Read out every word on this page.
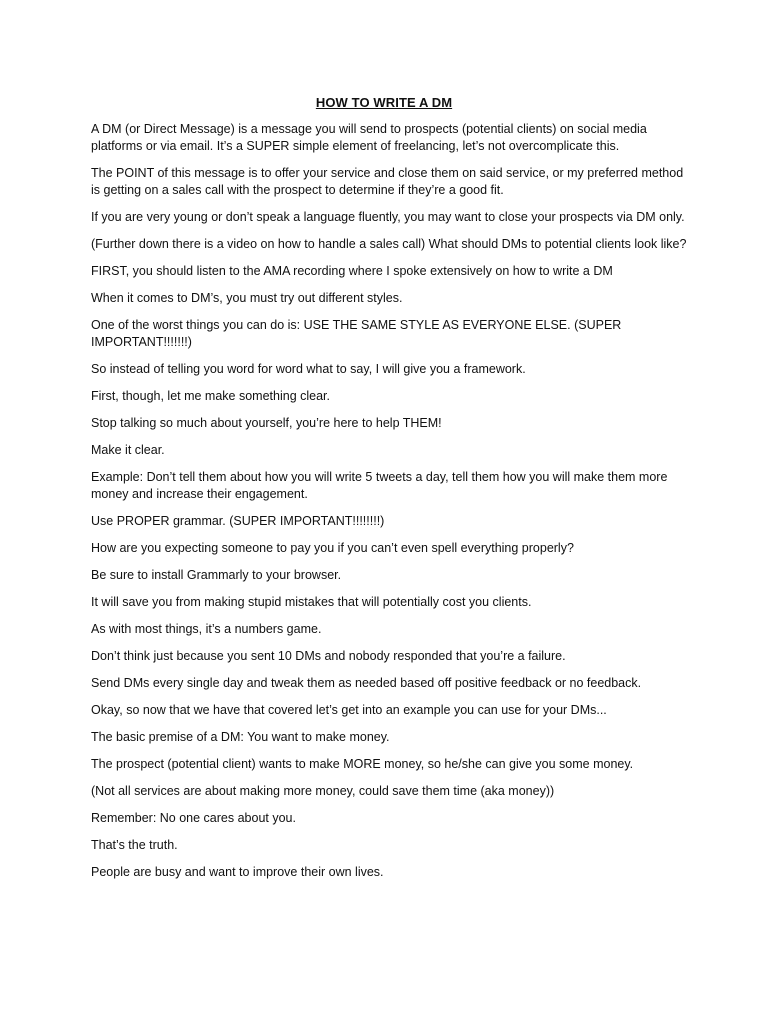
HOW TO WRITE A DM

A DM (or Direct Message) is a message you will send to prospects (potential clients) on social media platforms or via email. It’s a SUPER simple element of freelancing, let’s not overcomplicate this.

The POINT of this message is to offer your service and close them on said service, or my preferred method is getting on a sales call with the prospect to determine if they’re a good fit.

If you are very young or don’t speak a language fluently, you may want to close your prospects via DM only.

(Further down there is a video on how to handle a sales call) What should DMs to potential clients look like?

FIRST, you should listen to the AMA recording where I spoke extensively on how to write a DM

When it comes to DM’s, you must try out different styles.

One of the worst things you can do is: USE THE SAME STYLE AS EVERYONE ELSE. (SUPER IMPORTANT!!!!!!!)

So instead of telling you word for word what to say, I will give you a framework.

First, though, let me make something clear.

Stop talking so much about yourself, you’re here to help THEM!

Make it clear.

Example: Don’t tell them about how you will write 5 tweets a day, tell them how you will make them more money and increase their engagement.

Use PROPER grammar. (SUPER IMPORTANT!!!!!!!!)

How are you expecting someone to pay you if you can’t even spell everything properly?

Be sure to install Grammarly to your browser.

It will save you from making stupid mistakes that will potentially cost you clients.

As with most things, it’s a numbers game.

Don’t think just because you sent 10 DMs and nobody responded that you’re a failure.

Send DMs every single day and tweak them as needed based off positive feedback or no feedback.

Okay, so now that we have that covered let’s get into an example you can use for your DMs...

The basic premise of a DM: You want to make money.

The prospect (potential client) wants to make MORE money, so he/she can give you some money.

(Not all services are about making more money, could save them time (aka money))

Remember: No one cares about you.

That’s the truth.

People are busy and want to improve their own lives.
